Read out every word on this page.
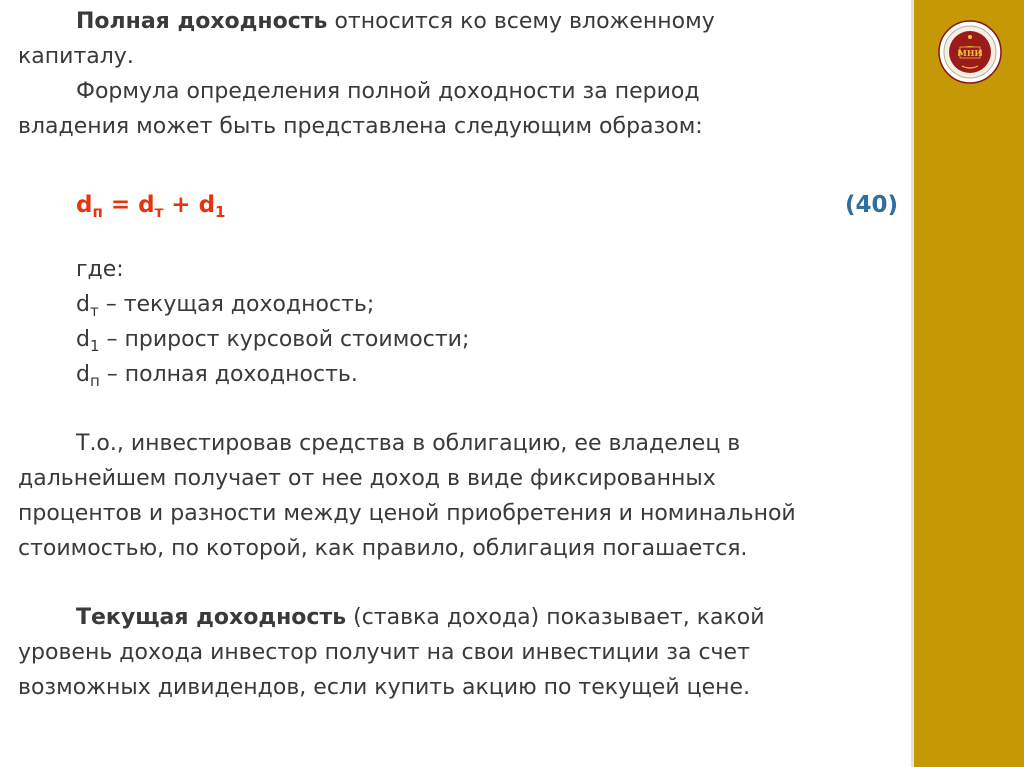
МНИ

Полная доходность относится ко всему вложенному

капиталу.

Формула определения полной доходности за период

владения может быть представлена следующим образом:

$d_п = d_т + d_1$	(40)

где:

$d_т$ – текущая доходность;

$d_1$ – прирост курсовой стоимости;

$d_п$ – полная доходность.

Т.о., инвестировав средства в облигацию, ее владелец в

дальнейшем получает от нее доход в виде фиксированных

процентов и разности между ценой приобретения и номинальной

стоимостью, по которой, как правило, облигация погашается.

Текущая доходность (ставка дохода) показывает, какой

уровень дохода инвестор получит на свои инвестиции за счет

возможных дивидендов, если купить акцию по текущей цене.
